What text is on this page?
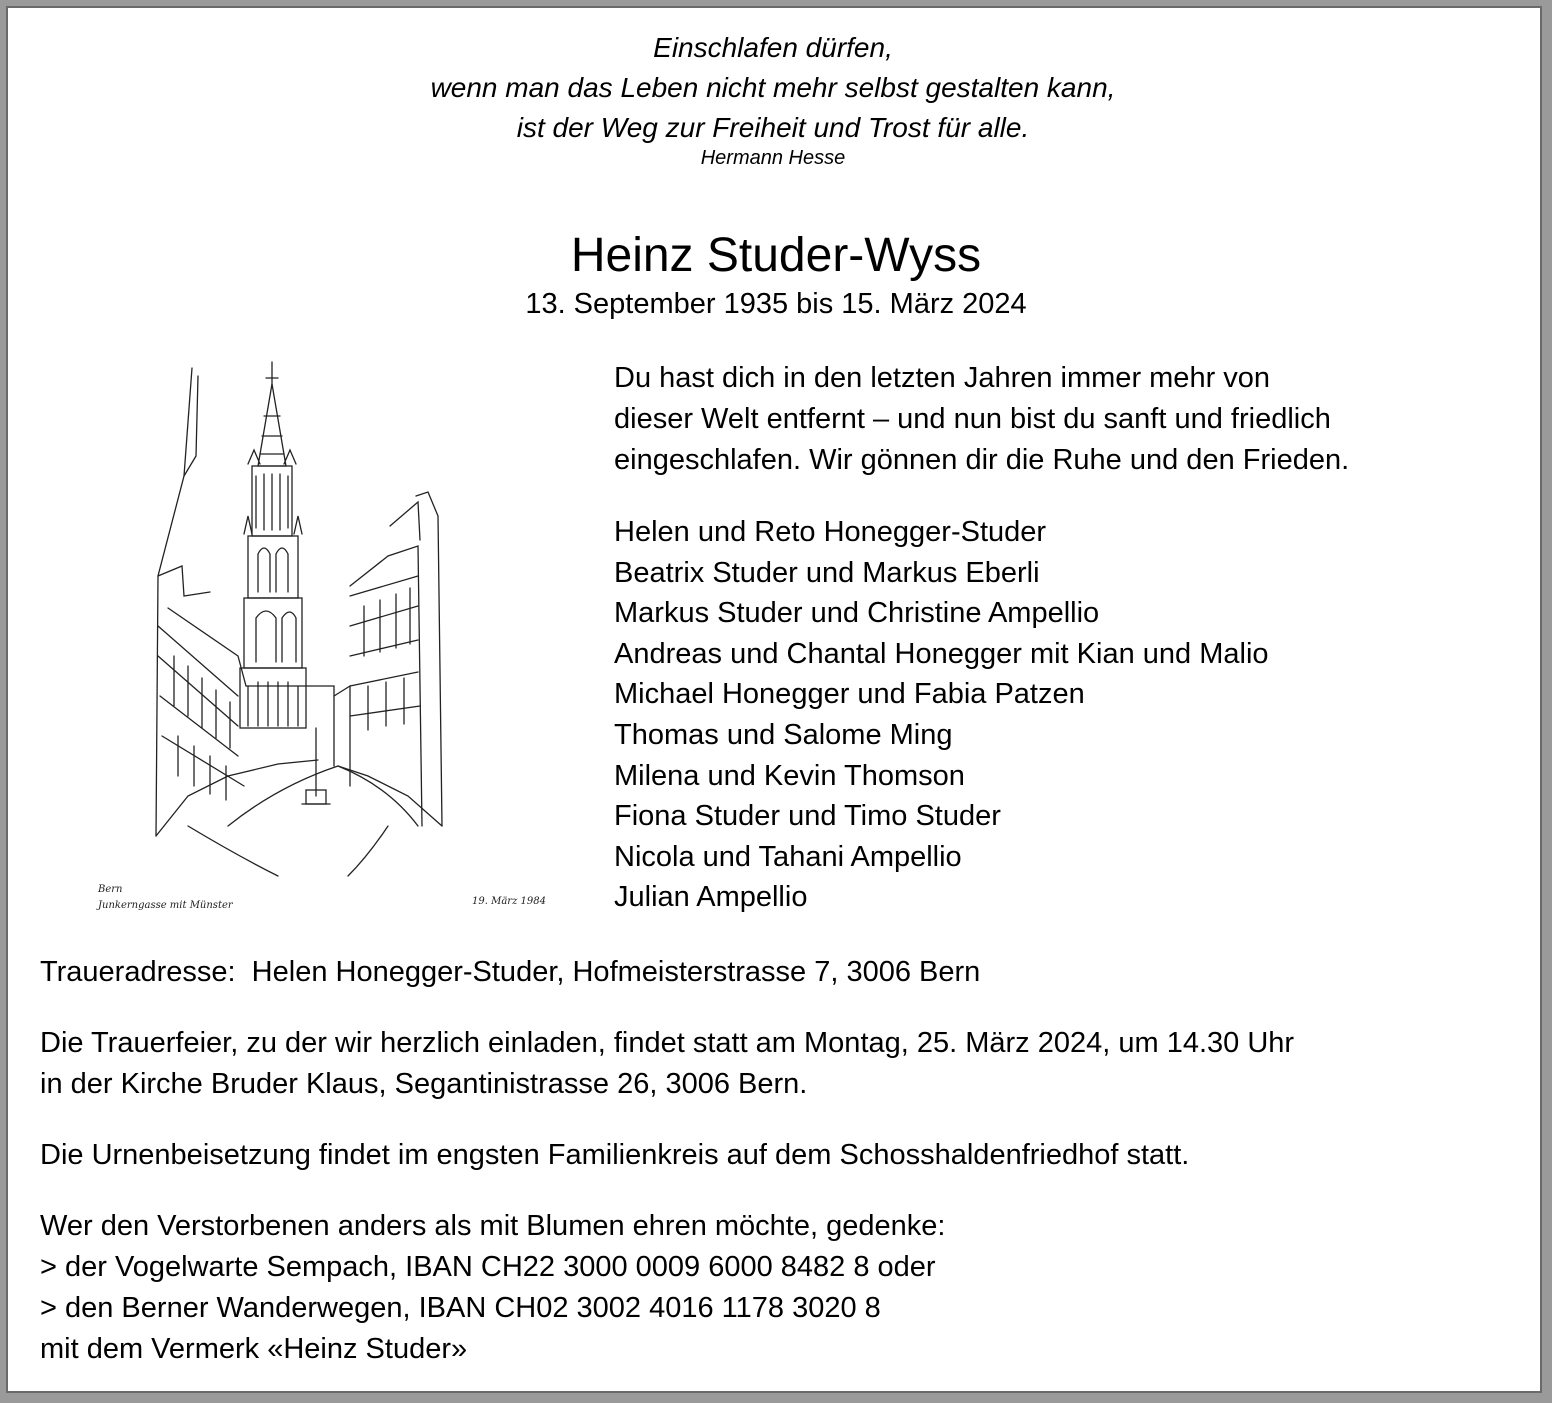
Einschlafen dürfen,
wenn man das Leben nicht mehr selbst gestalten kann,
ist der Weg zur Freiheit und Trost für alle.
Hermann Hesse
Heinz Studer-Wyss
13. September 1935 bis 15. März 2024
Bern
Junkerngasse mit Münster	19. März 1984
Du hast dich in den letzten Jahren immer mehr von
dieser Welt entfernt – und nun bist du sanft und friedlich
eingeschlafen. Wir gönnen dir die Ruhe und den Frieden.
Helen und Reto Honegger-Studer
Beatrix Studer und Markus Eberli
Markus Studer und Christine Ampellio
Andreas und Chantal Honegger mit Kian und Malio
Michael Honegger und Fabia Patzen
Thomas und Salome Ming
Milena und Kevin Thomson
Fiona Studer und Timo Studer
Nicola und Tahani Ampellio
Julian Ampellio

Traueradresse:  Helen Honegger-Studer, Hofmeisterstrasse 7, 3006 Bern

Die Trauerfeier, zu der wir herzlich einladen, findet statt am Montag, 25. März 2024, um 14.30 Uhr

in der Kirche Bruder Klaus, Segantinistrasse 26, 3006 Bern.

Die Urnenbeisetzung findet im engsten Familienkreis auf dem Schosshaldenfriedhof statt.

Wer den Verstorbenen anders als mit Blumen ehren möchte, gedenke:

> der Vogelwarte Sempach, IBAN CH22 3000 0009 6000 8482 8 oder

> den Berner Wanderwegen, IBAN CH02 3002 4016 1178 3020 8

mit dem Vermerk «Heinz Studer»
